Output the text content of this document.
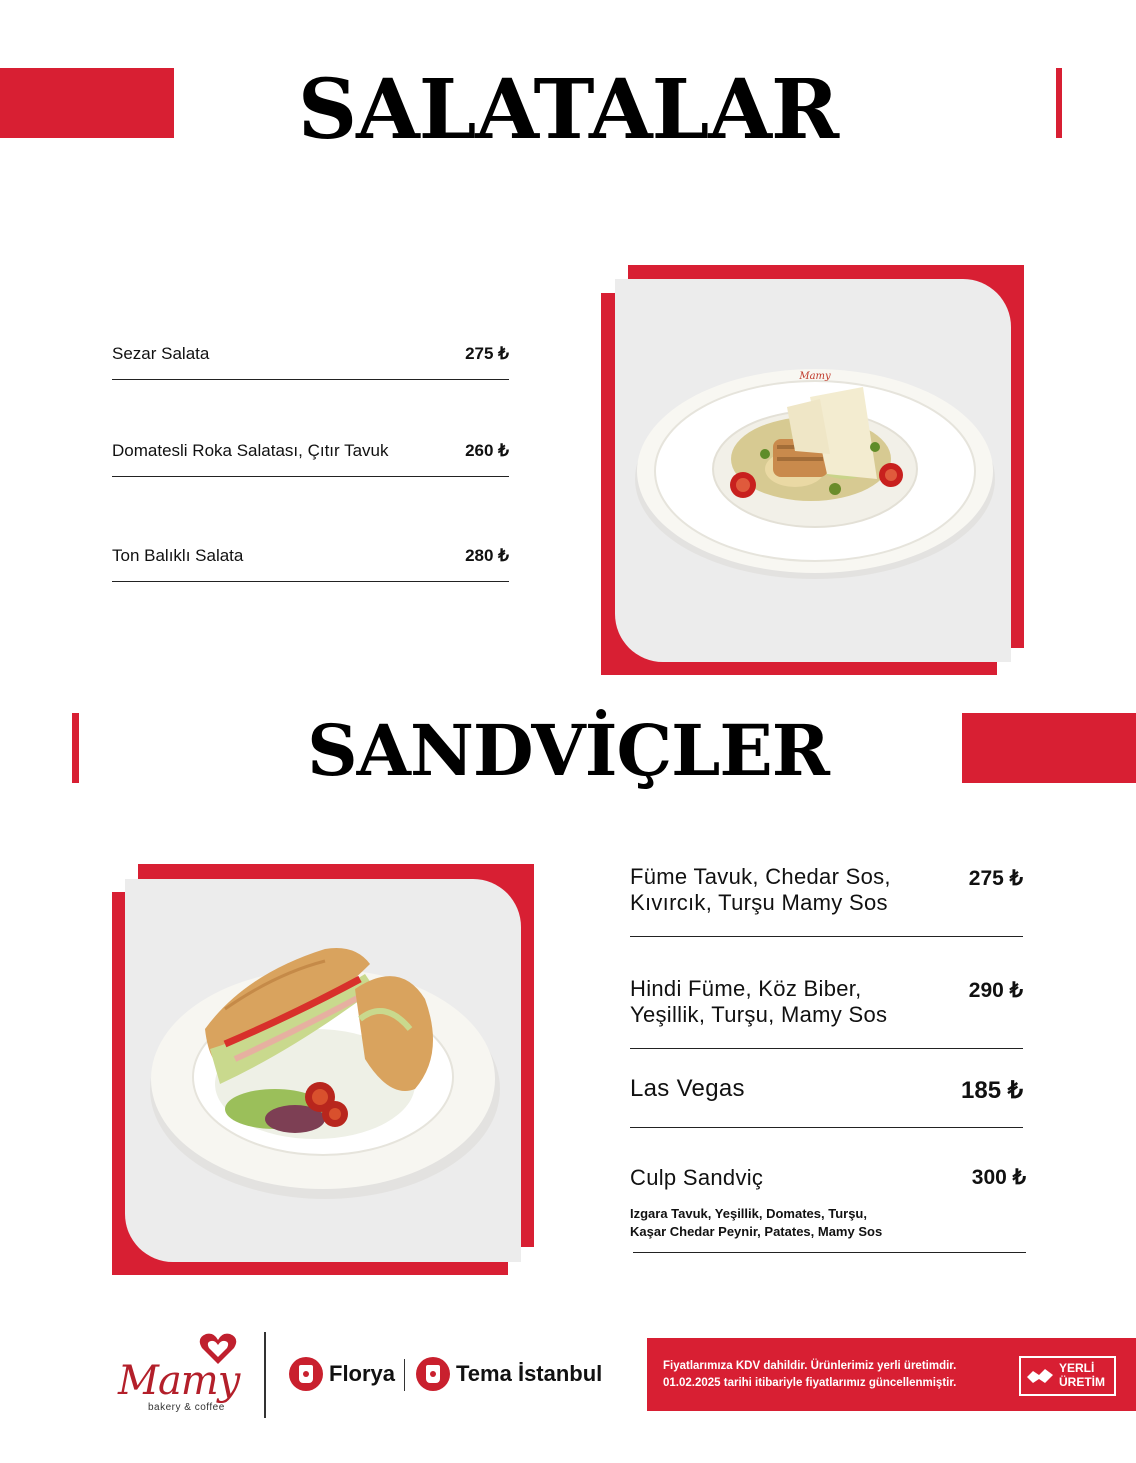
SALATALAR
SANDVİÇLER
Sezar Salata	275 ₺
Domatesli Roka Salatası, Çıtır Tavuk	260 ₺
Ton Balıklı Salata	280 ₺
Mamy
Füme Tavuk, Chedar Sos,
Kıvırcık, Turşu Mamy Sos
275 ₺
Hindi Füme, Köz Biber,
Yeşillik, Turşu, Mamy Sos
290 ₺
Las Vegas	185 ₺
Culp Sandviç	300 ₺
Izgara Tavuk, Yeşillik, Domates, Turşu,
Kaşar Chedar Peynir, Patates, Mamy Sos
Mamy
bakery & coffee
Florya	Tema İstanbul	Fiyatlarımıza KDV dahildir. Ürünlerimiz yerli üretimdir.
01.02.2025 tarihi itibariyle fiyatlarımız güncellenmiştir.
YERLİ
ÜRETİM
